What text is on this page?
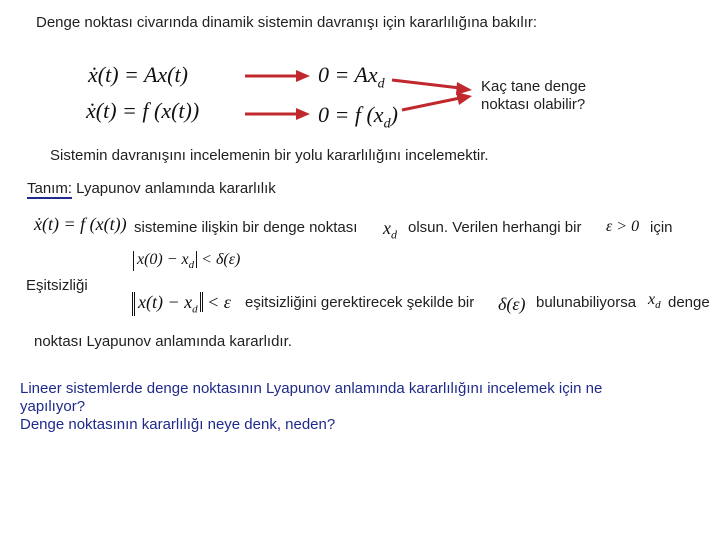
Denge noktası civarında dinamik sistemin davranışı için kararlılığına bakılır:
ẋ(t) = Ax(t)
ẋ(t) = f (x(t))
$0 = Ax_d$
0 = f $(x_d)$
Kaç tane denge
noktası olabilir?
Sistemin davranışını incelemenin bir yolu kararlılığını incelemektir.
Tanım: Lyapunov anlamında kararlılık
ẋ(t) = f (x(t)) sistemine ilişkin bir denge noktası $x_d$ olsun. Verilen herhangi bir ε > 0 için
$x(0) - x_d < \delta(\varepsilon)$
Eşitsizliği
$x(t) - x_d < \varepsilon$ eşitsizliğini gerektirecek şekilde bir δ(ε) bulunabiliyorsa $x_d$ denge
noktası Lyapunov anlamında kararlıdır.
Lineer sistemlerde denge noktasının Lyapunov anlamında kararlılığını incelemek için ne
yapılıyor?
Denge noktasının kararlılığı neye denk, neden?
